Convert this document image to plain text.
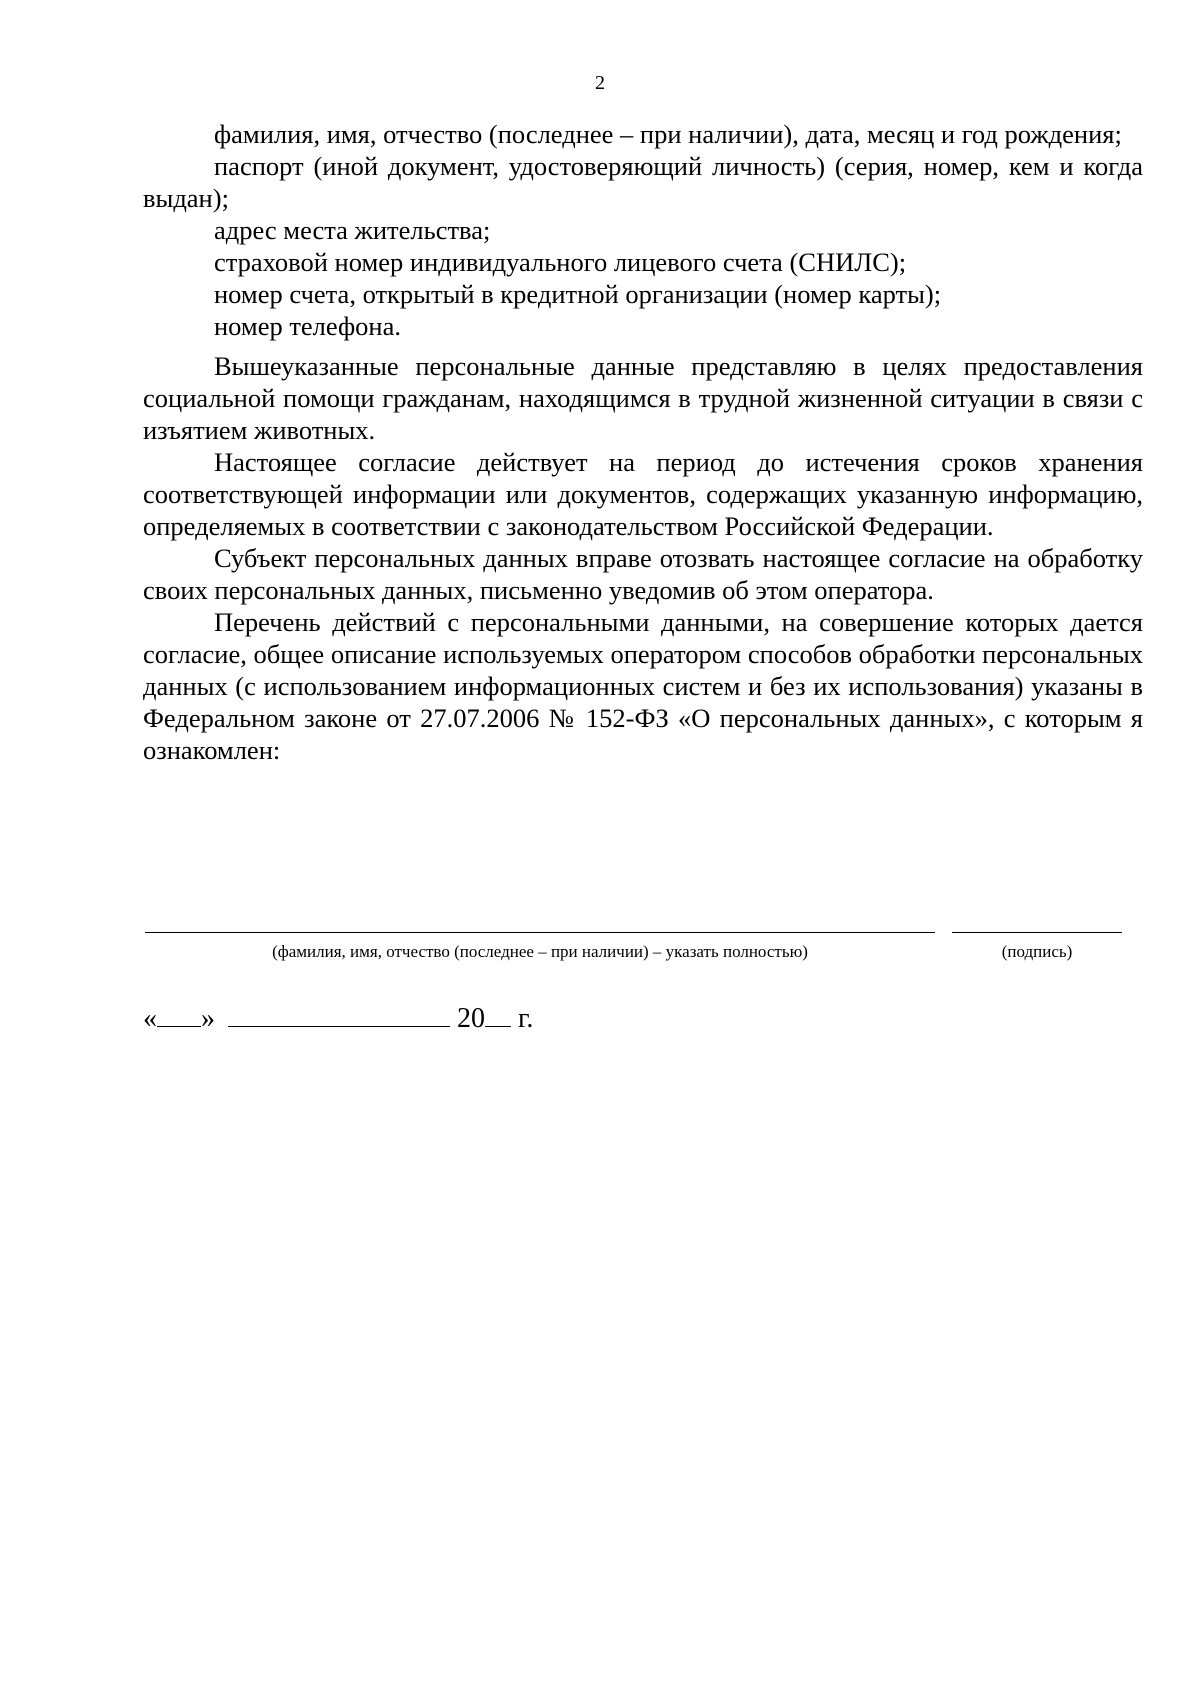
2

фамилия, имя, отчество (последнее – при наличии), дата, месяц и год рождения;

паспорт (иной документ, удостоверяющий личность) (серия, номер, кем и когда выдан);

адрес места жительства;

страховой номер индивидуального лицевого счета (СНИЛС);

номер счета, открытый в кредитной организации (номер карты);

номер телефона.

Вышеуказанные персональные данные представляю в целях предоставления социальной помощи гражданам, находящимся в трудной жизненной ситуации в связи с изъятием животных.

Настоящее согласие действует на период до истечения сроков хранения соответствующей информации или документов, содержащих указанную информацию, определяемых в соответствии с законодательством Российской Федерации.

Субъект персональных данных вправе отозвать настоящее согласие на обработку своих персональных данных, письменно уведомив об этом оператора.

Перечень действий с персональными данными, на совершение которых дается согласие, общее описание используемых оператором способов обработки персональных данных (с использованием информационных систем и без их использования) указаны в Федеральном законе от 27.07.2006 № 152-ФЗ «О персональных данных», с которым я ознакомлен:

(фамилия, имя, отчество (последнее – при наличии) – указать полностью)	(подпись)
« »	20 г.
